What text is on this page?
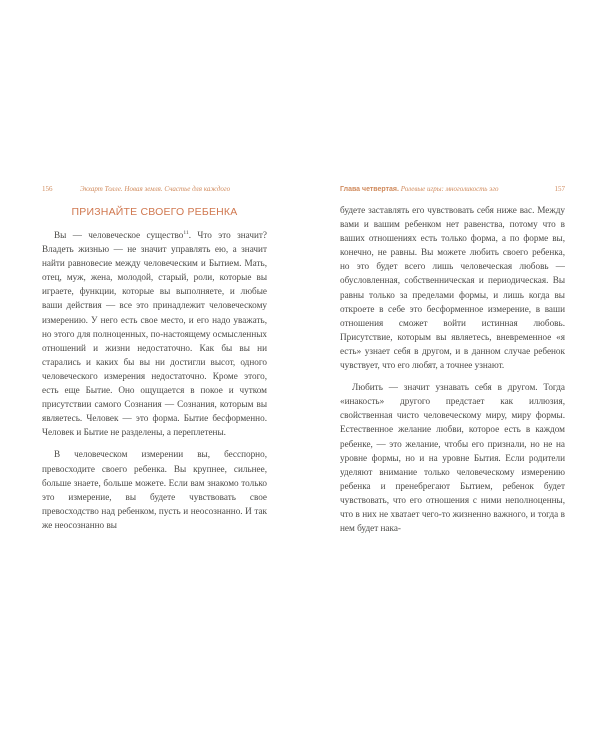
156	Экхарт Толле. Новая земля. Счастье для каждого
ПРИЗНАЙТЕ СВОЕГО РЕБЕНКА

Вы — человеческое существо$^{11}$. Что это значит? Владеть жизнью — не значит управлять ею, а значит найти равновесие между человеческим и Бытием. Мать, отец, муж, жена, молодой, старый, роли, которые вы играете, функции, которые вы выполняете, и любые ваши действия — все это принадлежит человеческому измерению. У него есть свое место, и его надо уважать, но этого для полноценных, по-настоящему осмысленных отношений и жизни недостаточно. Как бы вы ни старались и каких бы вы ни достигли высот, одного человеческого измерения недостаточно. Кроме этого, есть еще Бытие. Оно ощущается в покое и чутком присутствии самого Сознания — Сознания, которым вы являетесь. Человек — это форма. Бытие бесформенно. Человек и Бытие не разделены, а переплетены.

В человеческом измерении вы, бесспорно, превосходите своего ребенка. Вы крупнее, сильнее, больше знаете, больше можете. Если вам знакомо только это измерение, вы будете чувствовать свое превосходство над ребенком, пусть и неосознанно. И так же неосознанно вы

Глава четвертая. Ролевые игры: многоликость эго	157

будете заставлять его чувствовать себя ниже вас. Между вами и вашим ребенком нет равенства, потому что в ваших отношениях есть только форма, а по форме вы, конечно, не равны. Вы можете любить своего ребенка, но это будет всего лишь человеческая любовь — обусловленная, собственническая и периодическая. Вы равны только за пределами формы, и лишь когда вы откроете в себе это бесформенное измерение, в ваши отношения сможет войти истинная любовь. Присутствие, которым вы являетесь, вневременное «я есть» узнает себя в другом, и в данном случае ребенок чувствует, что его любят, а точнее узнают.

Любить — значит узнавать себя в другом. Тогда «инакость» другого предстает как иллюзия, свойственная чисто человеческому миру, миру формы. Естественное желание любви, которое есть в каждом ребенке, — это желание, чтобы его признали, но не на уровне формы, но и на уровне Бытия. Если родители уделяют внимание только человеческому измерению ребенка и пренебрегают Бытием, ребенок будет чувствовать, что его отношения с ними неполноценны, что в них не хватает чего-то жизненно важного, и тогда в нем будет нака-
